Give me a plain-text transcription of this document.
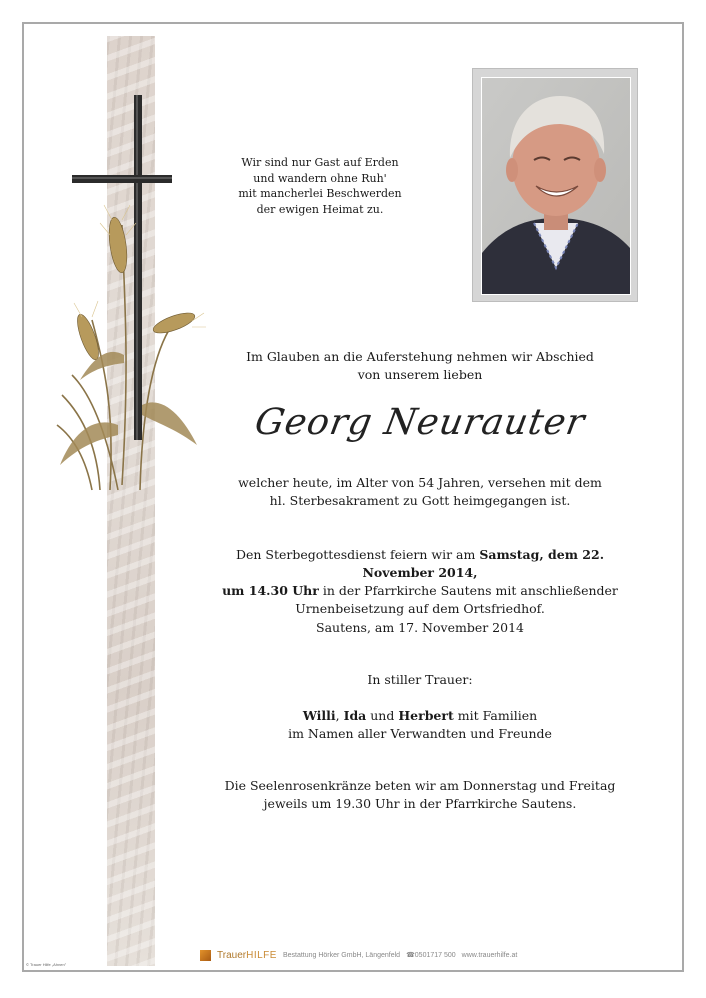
Wir sind nur Gast auf Erden
und wandern ohne Ruh'
mit mancherlei Beschwerden
der ewigen Heimat zu.
Im Glauben an die Auferstehung nehmen wir Abschied
von unserem lieben
Georg Neurauter
welcher heute, im Alter von 54 Jahren, versehen mit dem
hl. Sterbesakrament zu Gott heimgegangen ist.
Den Sterbegottesdienst feiern wir am Samstag, dem 22. November 2014,
um 14.30 Uhr in der Pfarrkirche Sautens mit anschließender
Urnenbeisetzung auf dem Ortsfriedhof.
Sautens, am 17. November 2014
In stiller Trauer:
Willi, Ida und Herbert mit Familien
im Namen aller Verwandten und Freunde
Die Seelenrosenkränze beten wir am Donnerstag und Freitag
jeweils um 19.30 Uhr in der Pfarrkirche Sautens.
TrauerHILFE Bestattung Hörker GmbH, Längenfeld ☎0501717 500 www.trauerhilfe.at
© Trauer Hilfe „Ahnen"
